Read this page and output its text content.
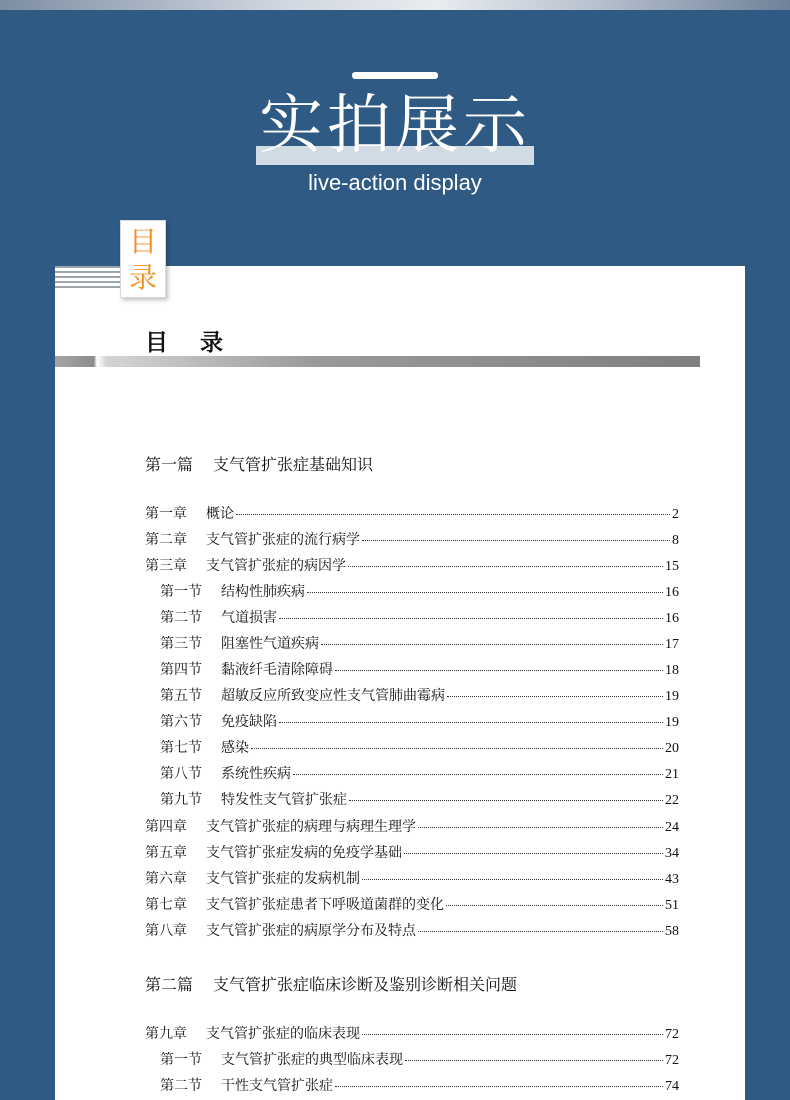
实拍展示
live-action display
目
录
目 录
第一篇 支气管扩张症基础知识
第一章	概论	2
第二章	支气管扩张症的流行病学	8
第三章	支气管扩张症的病因学	15
第一节	结构性肺疾病	16
第二节	气道损害	16
第三节	阻塞性气道疾病	17
第四节	黏液纤毛清除障碍	18
第五节	超敏反应所致变应性支气管肺曲霉病	19
第六节	免疫缺陷	19
第七节	感染	20
第八节	系统性疾病	21
第九节	特发性支气管扩张症	22
第四章	支气管扩张症的病理与病理生理学	24
第五章	支气管扩张症发病的免疫学基础	34
第六章	支气管扩张症的发病机制	43
第七章	支气管扩张症患者下呼吸道菌群的变化	51
第八章	支气管扩张症的病原学分布及特点	58
第二篇 支气管扩张症临床诊断及鉴别诊断相关问题
第九章	支气管扩张症的临床表现	72
第一节	支气管扩张症的典型临床表现	72
第二节	干性支气管扩张症	74
